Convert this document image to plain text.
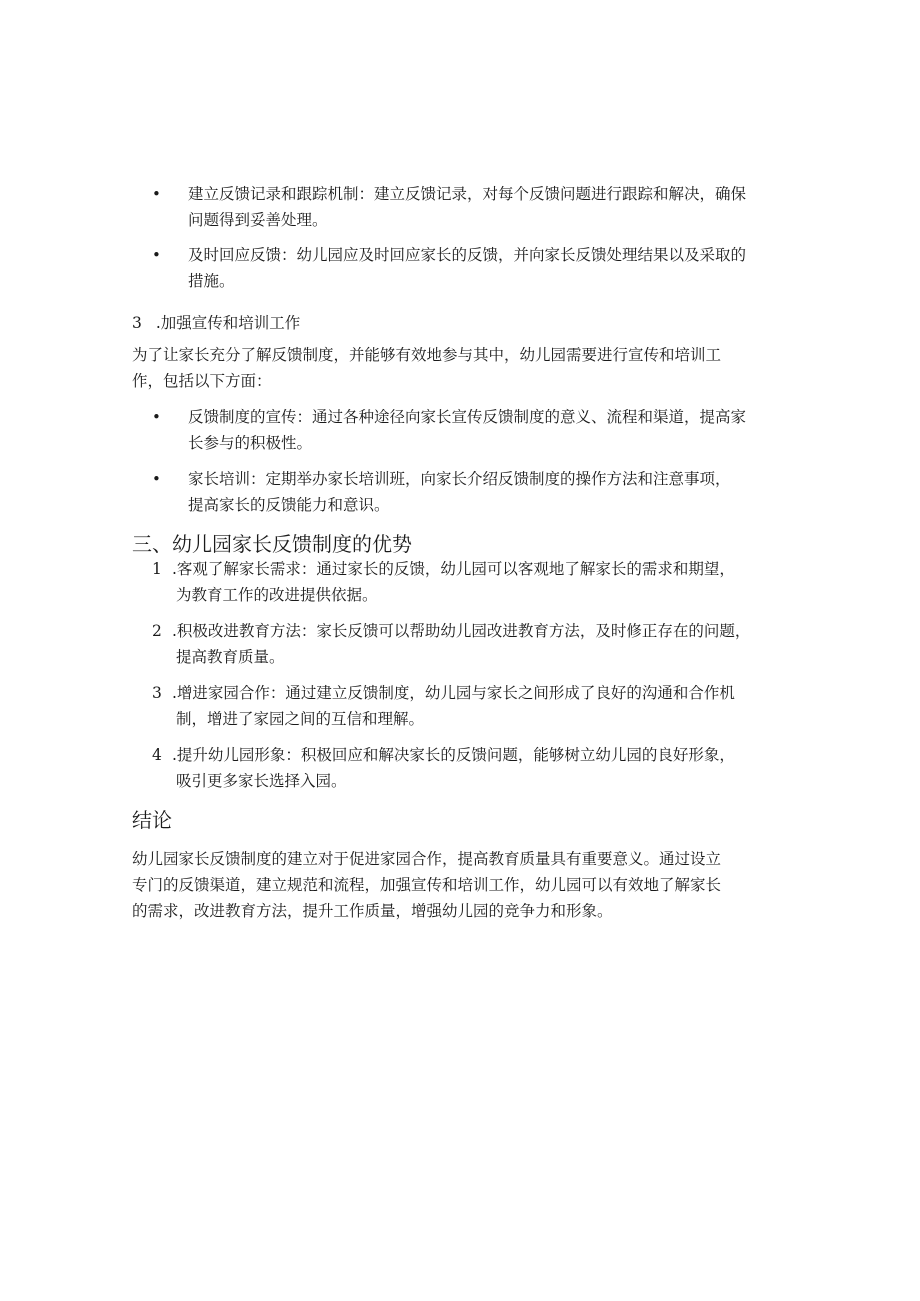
• 建立反馈记录和跟踪机制：建立反馈记录，对每个反馈问题进行跟踪和解决，确保
问题得到妥善处理。
• 及时回应反馈：幼儿园应及时回应家长的反馈，并向家长反馈处理结果以及采取的
措施。
3 .加强宣传和培训工作
为了让家长充分了解反馈制度，并能够有效地参与其中，幼儿园需要进行宣传和培训工
作，包括以下方面：
• 反馈制度的宣传：通过各种途径向家长宣传反馈制度的意义、流程和渠道，提高家
长参与的积极性。
• 家长培训：定期举办家长培训班，向家长介绍反馈制度的操作方法和注意事项，
提高家长的反馈能力和意识。
三、幼儿园家长反馈制度的优势
1 .客观了解家长需求：通过家长的反馈，幼儿园可以客观地了解家长的需求和期望，
为教育工作的改进提供依据。
2 .积极改进教育方法：家长反馈可以帮助幼儿园改进教育方法，及时修正存在的问题，
提高教育质量。
3 .增进家园合作：通过建立反馈制度，幼儿园与家长之间形成了良好的沟通和合作机
制，增进了家园之间的互信和理解。
4 .提升幼儿园形象：积极回应和解决家长的反馈问题，能够树立幼儿园的良好形象，
吸引更多家长选择入园。
结论
幼儿园家长反馈制度的建立对于促进家园合作，提高教育质量具有重要意义。通过设立
专门的反馈渠道，建立规范和流程，加强宣传和培训工作，幼儿园可以有效地了解家长
的需求，改进教育方法，提升工作质量，增强幼儿园的竞争力和形象。
